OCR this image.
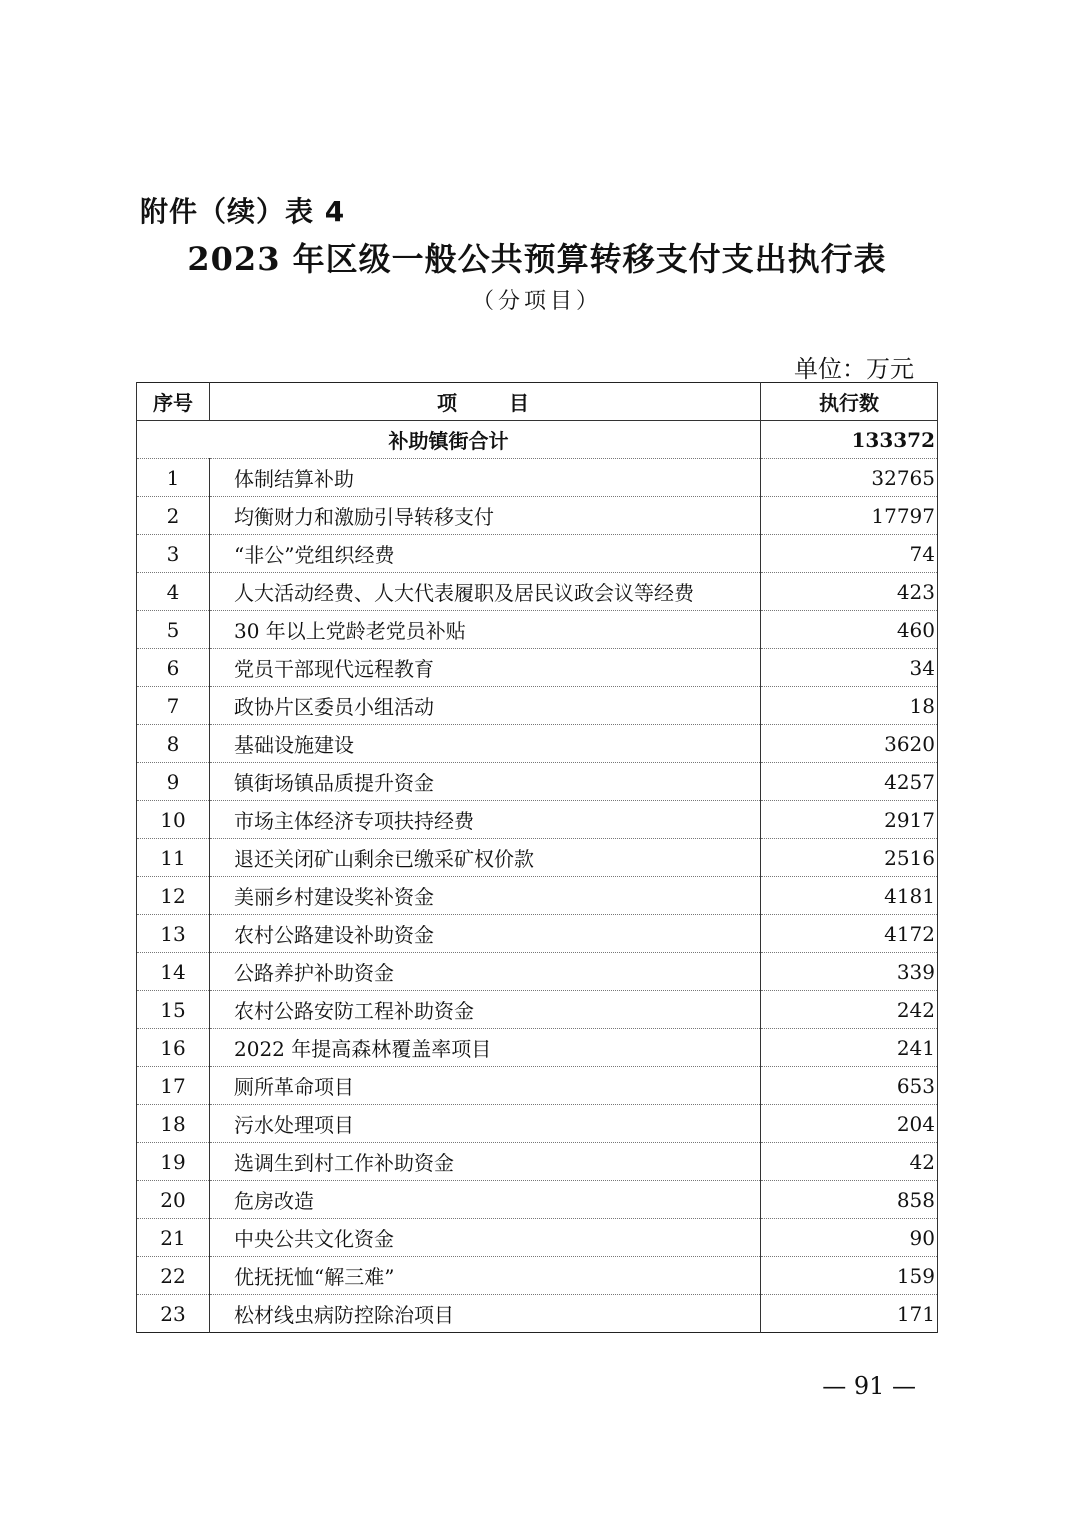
附件（续）表 4
2023 年区级一般公共预算转移支付支出执行表
（分项目）
单位：万元
序号	项　　目	执行数
补助镇街合计		133372
1	体制结算补助	32765
2	均衡财力和激励引导转移支付	17797
3	“非公”党组织经费	74
4	人大活动经费、人大代表履职及居民议政会议等经费	423
5	30 年以上党龄老党员补贴	460
6	党员干部现代远程教育	34
7	政协片区委员小组活动	18
8	基础设施建设	3620
9	镇街场镇品质提升资金	4257
10	市场主体经济专项扶持经费	2917
11	退还关闭矿山剩余已缴采矿权价款	2516
12	美丽乡村建设奖补资金	4181
13	农村公路建设补助资金	4172
14	公路养护补助资金	339
15	农村公路安防工程补助资金	242
16	2022 年提高森林覆盖率项目	241
17	厕所革命项目	653
18	污水处理项目	204
19	选调生到村工作补助资金	42
20	危房改造	858
21	中央公共文化资金	90
22	优抚抚恤“解三难”	159
23	松材线虫病防控除治项目	171
— 91 —
